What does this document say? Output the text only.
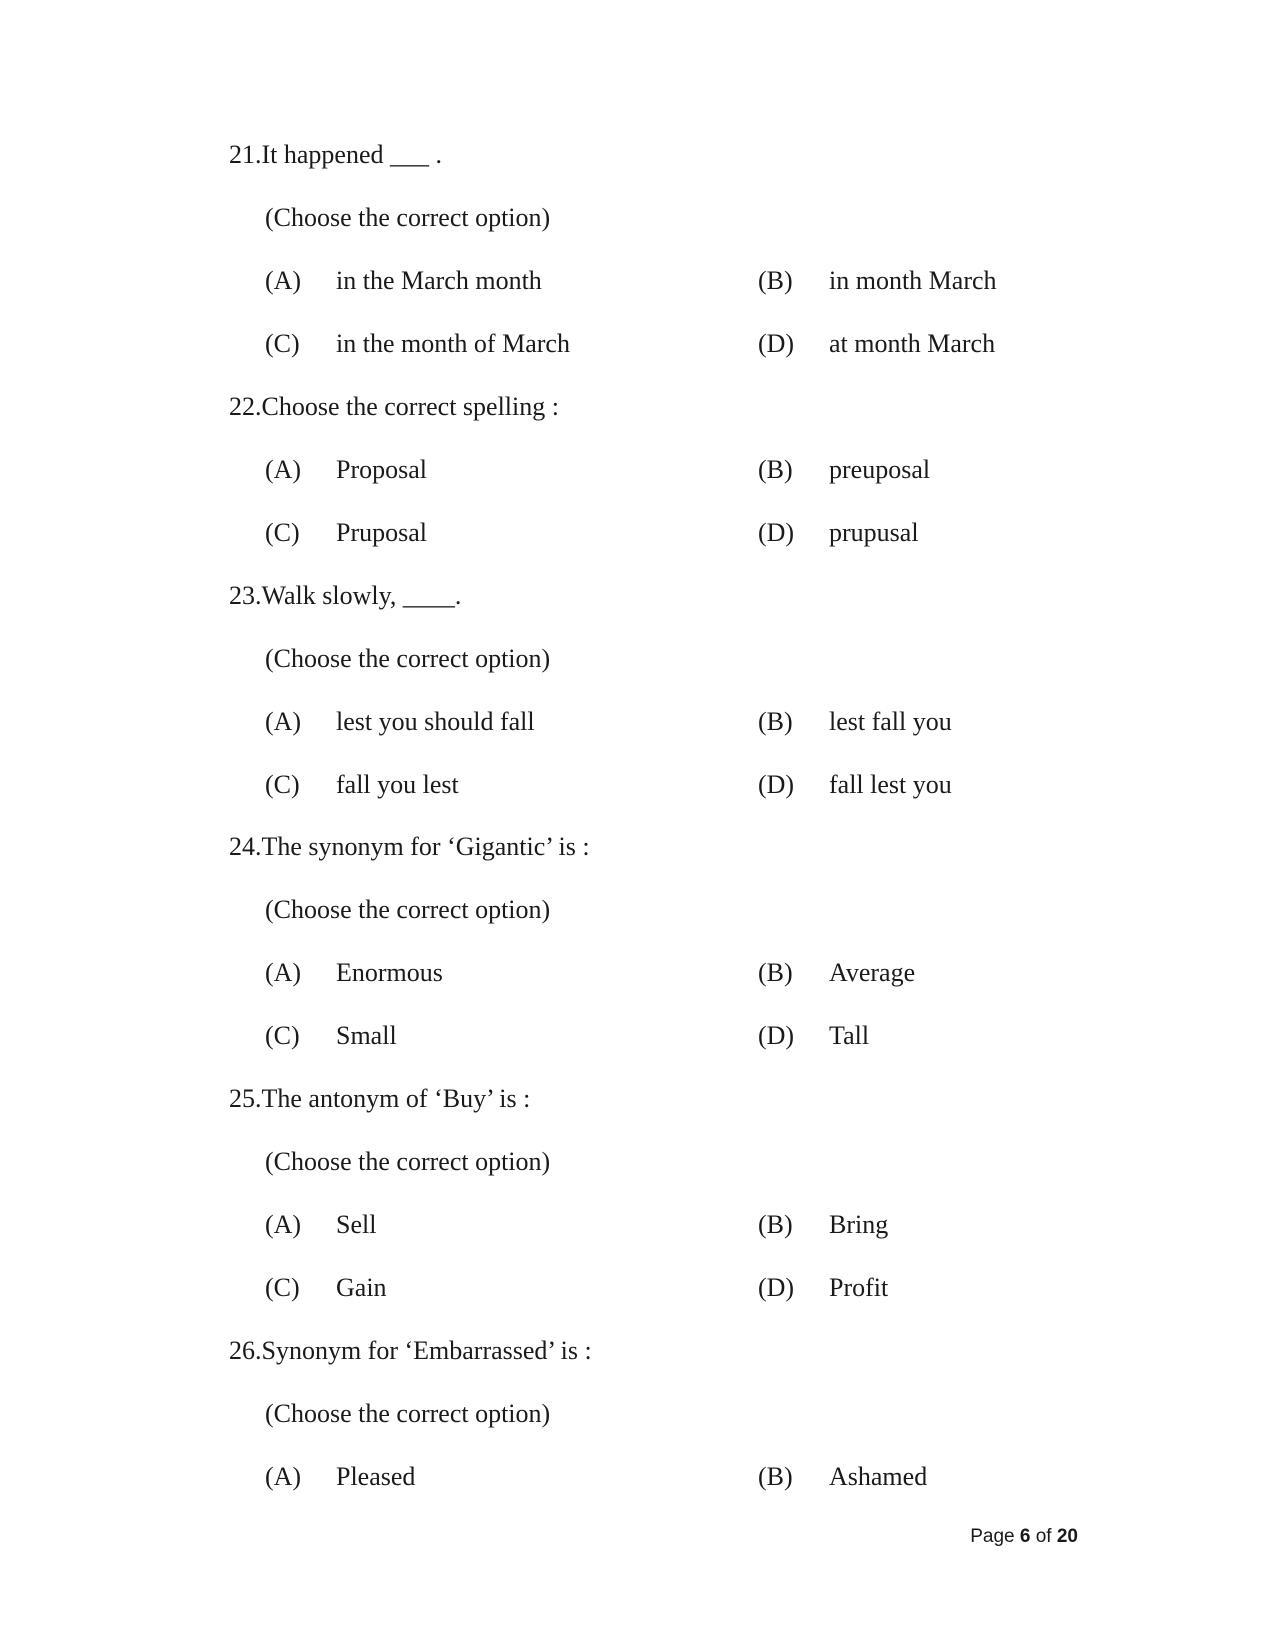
21.It happened ___ .
(Choose the correct option)
(A) in the March month	(B) in month March
(C) in the month of March	(D) at month March
22.Choose the correct spelling :
(A) Proposal	(B) preuposal
(C) Pruposal	(D) prupusal
23.Walk slowly, ____.
(Choose the correct option)
(A) lest you should fall	(B) lest fall you
(C) fall you lest	(D) fall lest you
24.The synonym for ‘Gigantic’ is :
(Choose the correct option)
(A) Enormous	(B) Average
(C) Small	(D) Tall
25.The antonym of ‘Buy’ is :
(Choose the correct option)
(A) Sell	(B) Bring
(C) Gain	(D) Profit
26.Synonym for ‘Embarrassed’ is :
(Choose the correct option)
(A) Pleased	(B) Ashamed
Page 6 of 20
